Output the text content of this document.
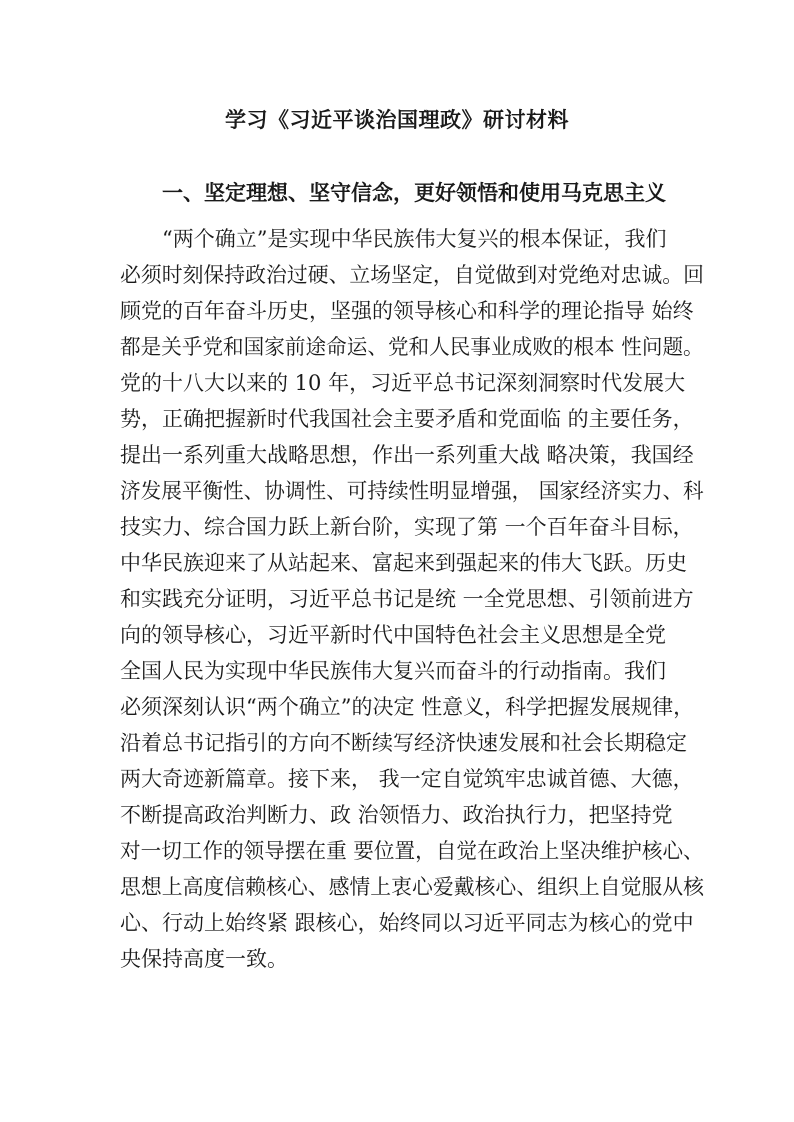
学习《习近平谈治国理政》研讨材料
一、坚定理想、坚守信念，更好领悟和使用马克思主义
“两个确立”是实现中华民族伟大复兴的根本保证，我们
必须时刻保持政治过硬、立场坚定，自觉做到对党绝对忠诚。回
顾党的百年奋斗历史，坚强的领导核心和科学的理论指导 始终
都是关乎党和国家前途命运、党和人民事业成败的根本 性问题。
党的十八大以来的 10 年，习近平总书记深刻洞察时代发展大
势，正确把握新时代我国社会主要矛盾和党面临 的主要任务，
提出一系列重大战略思想，作出一系列重大战 略决策，我国经
济发展平衡性、协调性、可持续性明显增强， 国家经济实力、科
技实力、综合国力跃上新台阶，实现了第 一个百年奋斗目标，
中华民族迎来了从站起来、富起来到强起来的伟大飞跃。历史
和实践充分证明，习近平总书记是统 一全党思想、引领前进方
向的领导核心，习近平新时代中国特色社会主义思想是全党
全国人民为实现中华民族伟大复兴而奋斗的行动指南。我们
必须深刻认识“两个确立”的决定 性意义，科学把握发展规律，
沿着总书记指引的方向不断续写经济快速发展和社会长期稳定
两大奇迹新篇章。接下来， 我一定自觉筑牢忠诚首德、大德，
不断提高政治判断力、政 治领悟力、政治执行力，把坚持党
对一切工作的领导摆在重 要位置，自觉在政治上坚决维护核心、
思想上高度信赖核心、感情上衷心爱戴核心、组织上自觉服从核
心、行动上始终紧 跟核心，始终同以习近平同志为核心的党中
央保持高度一致。
